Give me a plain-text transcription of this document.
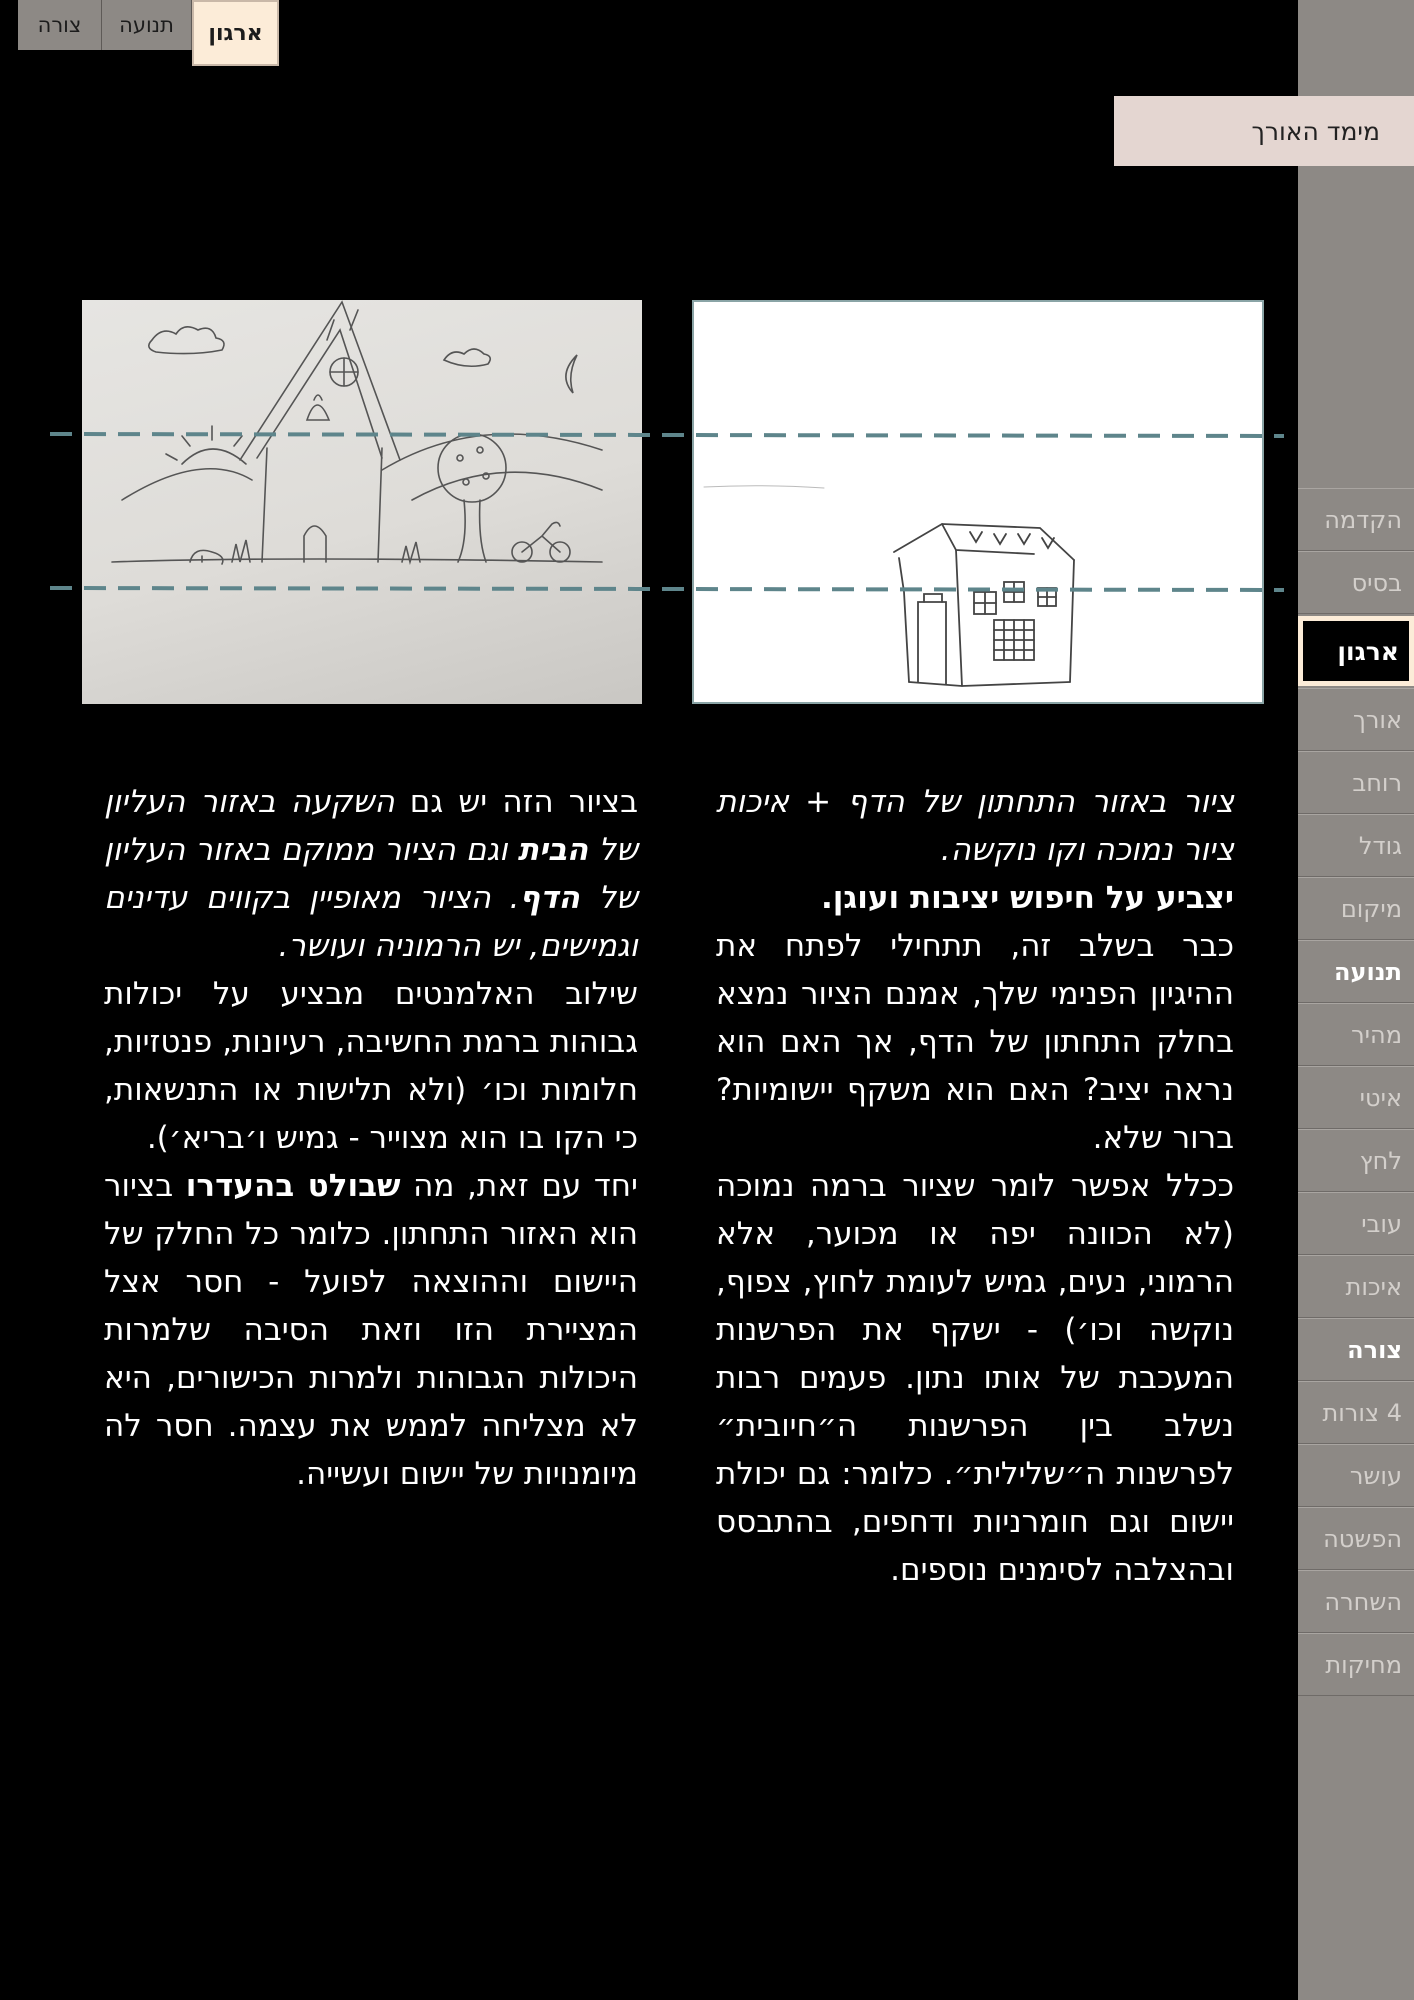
צורה	תנועה	ארגון
הקדמה
בסיס
ארגון
אורך
רוחב
גודל
מיקום
תנועה
מהיר
איטי
לחץ
עובי
איכות
צורה
4 צורות
עושר
הפשטה
השחרה
מחיקות
מימד האורך

ציור באזור התחתון של הדף + איכות ציור נמוכה וקו נוקשה.

יצביע על חיפוש יציבות ועוגן.

כבר בשלב זה, תתחילי לפתח את ההיגיון הפנימי שלך, אמנם הציור נמצא בחלק התחתון של הדף, אך האם הוא נראה יציב? האם הוא משקף יישומיות? ברור שלא.

ככלל אפשר לומר שציור ברמה נמוכה (לא הכוונה יפה או מכוער, אלא הרמוני, נעים, גמיש לעומת לחוץ, צפוף, נוקשה וכו׳) - ישקף את הפרשנות המעכבת של אותו נתון. פעמים רבות נשלב בין הפרשנות ה״חיובית״ לפרשנות ה״שלילית״. כלומר: גם יכולת יישום וגם חומרניות ודחפים, בהתבסס ובהצלבה לסימנים נוספים.

בציור הזה יש גם השקעה באזור העליון של הבית וגם הציור ממוקם באזור העליון של הדף. הציור מאופיין בקווים עדינים וגמישים, יש הרמוניה ועושר.

שילוב האלמנטים מבציע על יכולות גבוהות ברמת החשיבה, רעיונות, פנטזיות, חלומות וכו׳ (ולא תלישות או התנשאות, כי הקו בו הוא מצוייר - גמיש ו׳בריא׳).

יחד עם זאת, מה שבולט בהעדרו בציור הוא האזור התחתון. כלומר כל החלק של היישום וההוצאה לפועל - חסר אצל המציירת הזו וזאת הסיבה שלמרות היכולות הגבוהות ולמרות הכישורים, היא לא מצליחה לממש את עצמה. חסר לה מיומנויות של יישום ועשייה.
